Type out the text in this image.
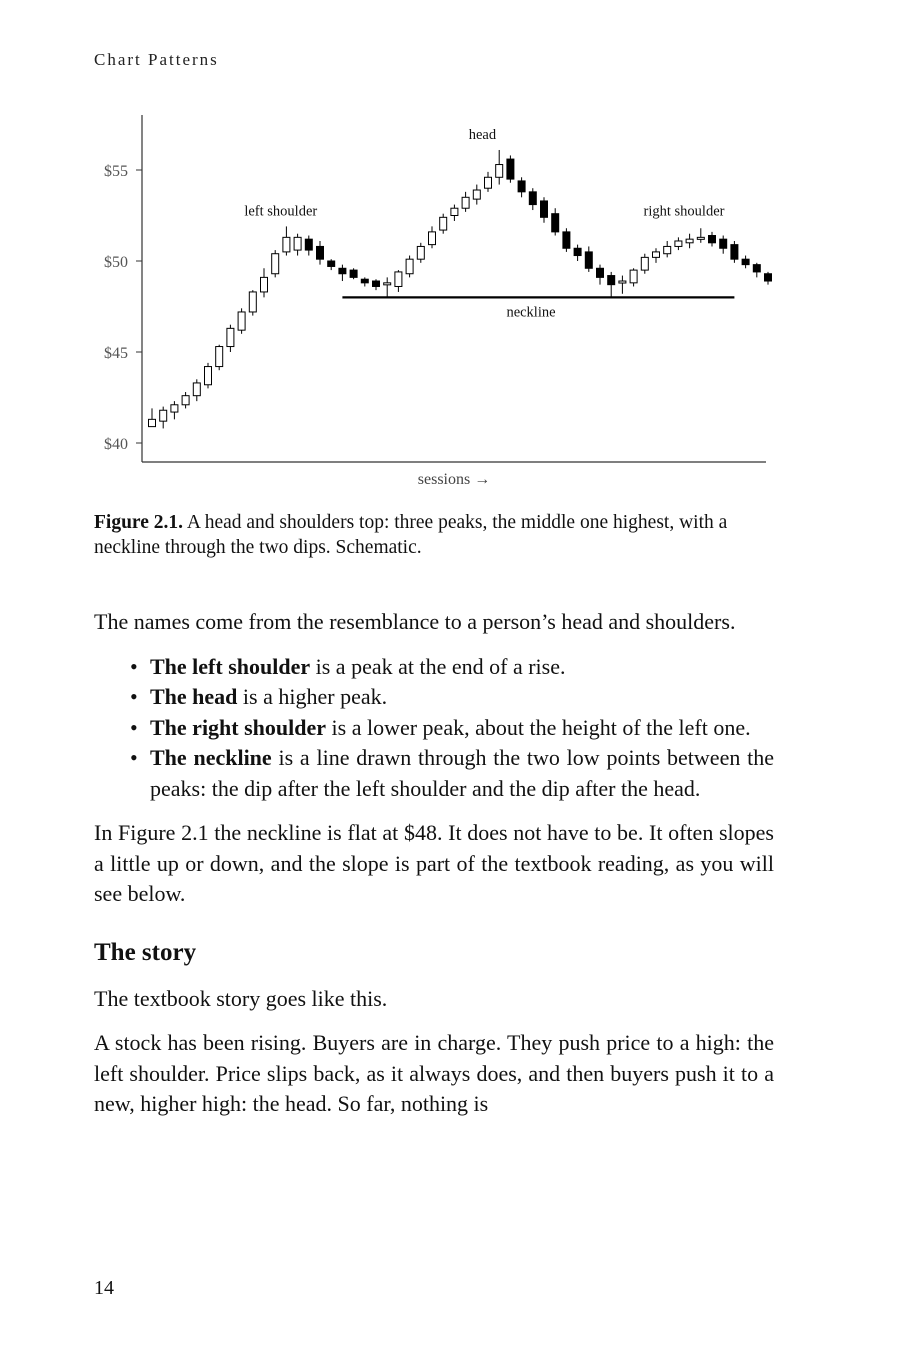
Chart Patterns
$40
$45
$50
$55
sessions →
neckline
left shoulder
head
right shoulder
Figure 2.1. A head and shoulders top: three peaks, the middle one highest, with a neckline through the two dips. Schematic.

The names come from the resemblance to a person’s head and shoulders.

• The left shoulder is a peak at the end of a rise.
• The head is a higher peak.
• The right shoulder is a lower peak, about the height of the left one.
• The neckline is a line drawn through the two low points between the peaks: the dip after the left shoulder and the dip after the head.

In Figure 2.1 the neckline is flat at $48. It does not have to be. It often slopes a little up or down, and the slope is part of the textbook reading, as you will see below.

The story

The textbook story goes like this.

A stock has been rising. Buyers are in charge. They push price to a high: the left shoulder. Price slips back, as it always does, and then buyers push it to a new, higher high: the head. So far, nothing is

14
